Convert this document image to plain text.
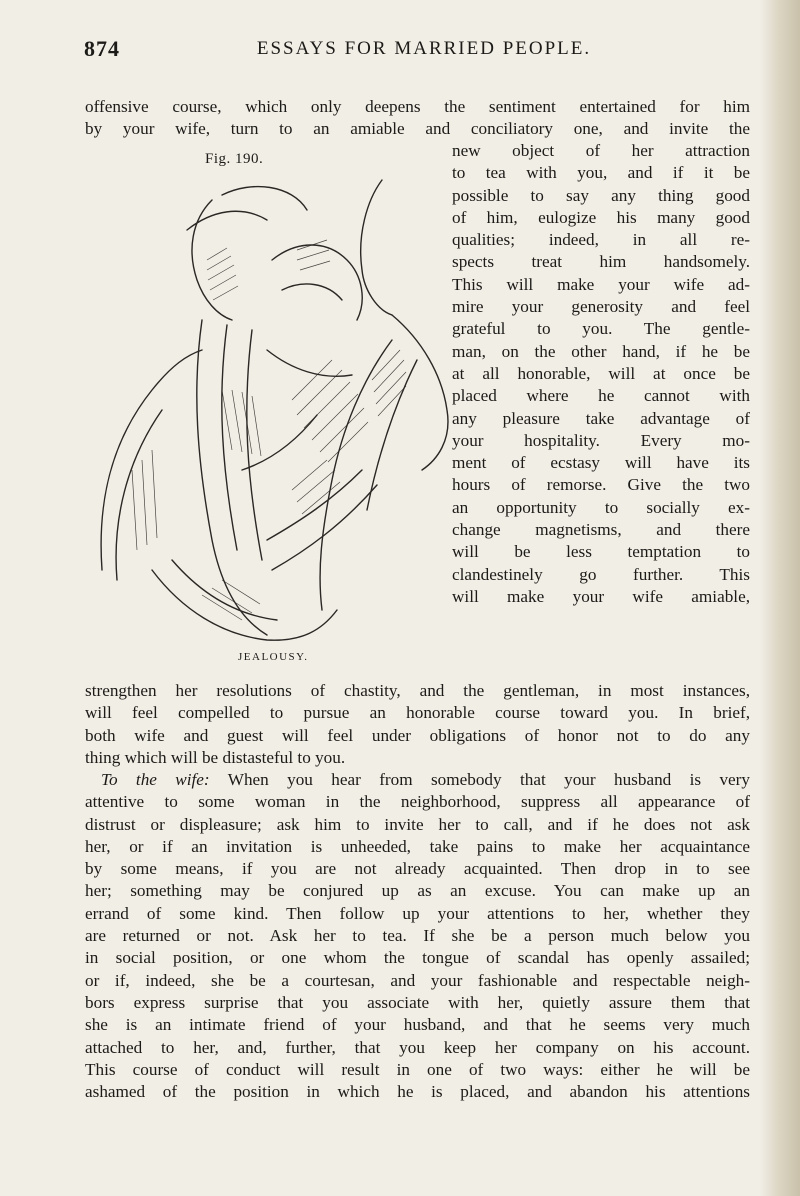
874	ESSAYS FOR MARRIED PEOPLE.
offensive course, which only deepens the sentiment entertained for him
by your wife, turn to an amiable and conciliatory one, and invite the
Fig. 190.
JEALOUSY.
new object of her attraction
to tea with you, and if it be
possible to say any thing good
of him, eulogize his many good
qualities; indeed, in all re-
spects treat him handsomely.
This will make your wife ad-
mire your generosity and feel
grateful to you. The gentle-
man, on the other hand, if he be
at all honorable, will at once be
placed where he cannot with
any pleasure take advantage of
your hospitality. Every mo-
ment of ecstasy will have its
hours of remorse. Give the two
an opportunity to socially ex-
change magnetisms, and there
will be less temptation to
clandestinely go further. This
will make your wife amiable,
strengthen her resolutions of chastity, and the gentleman, in most instances,
will feel compelled to pursue an honorable course toward you. In brief,
both wife and guest will feel under obligations of honor not to do any
thing which will be distasteful to you.
To the wife: When you hear from somebody that your husband is very
attentive to some woman in the neighborhood, suppress all appearance of
distrust or displeasure; ask him to invite her to call, and if he does not ask
her, or if an invitation is unheeded, take pains to make her acquaintance
by some means, if you are not already acquainted. Then drop in to see
her; something may be conjured up as an excuse. You can make up an
errand of some kind. Then follow up your attentions to her, whether they
are returned or not. Ask her to tea. If she be a person much below you
in social position, or one whom the tongue of scandal has openly assailed;
or if, indeed, she be a courtesan, and your fashionable and respectable neigh-
bors express surprise that you associate with her, quietly assure them that
she is an intimate friend of your husband, and that he seems very much
attached to her, and, further, that you keep her company on his account.
This course of conduct will result in one of two ways: either he will be
ashamed of the position in which he is placed, and abandon his attentions
